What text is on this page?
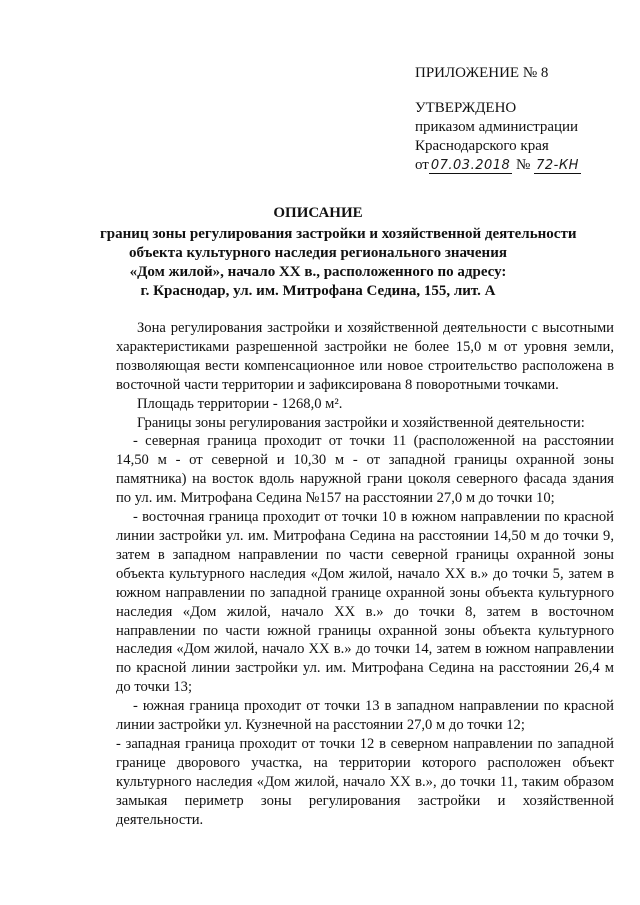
ПРИЛОЖЕНИЕ № 8
УТВЕРЖДЕНО
приказом администрации
Краснодарского края
от 07.03.2018 № 72-КН
ОПИСАНИЕ
границ зоны регулирования застройки и хозяйственной деятельности
объекта культурного наследия регионального значения
«Дом жилой», начало XX в., расположенного по адресу:
г. Краснодар, ул. им. Митрофана Седина, 155, лит. А

Зона регулирования застройки и хозяйственной деятельности с высотными характеристиками разрешенной застройки не более 15,0 м от уровня земли, позволяющая вести компенсационное или новое строительство расположена в восточной части территории и зафиксирована 8 поворотными точками.

Площадь территории - 1268,0 м².

Границы зоны регулирования застройки и хозяйственной деятельности:

- северная граница проходит от точки 11 (расположенной на расстоянии 14,50 м - от северной и 10,30 м - от западной границы охранной зоны памятника) на восток вдоль наружной грани цоколя северного фасада здания по ул. им. Митрофана Седина №157 на расстоянии 27,0 м до точки 10;

- восточная граница проходит от точки 10 в южном направлении по красной линии застройки ул. им. Митрофана Седина на расстоянии 14,50 м до точки 9, затем в западном направлении по части северной границы охранной зоны объекта культурного наследия «Дом жилой, начало XX в.» до точки 5, затем в южном направлении по западной границе охранной зоны объекта культурного наследия «Дом жилой, начало XX в.» до точки 8, затем в восточном направлении по части южной границы охранной зоны объекта культурного наследия «Дом жилой, начало XX в.» до точки 14, затем в южном направлении по красной линии застройки ул. им. Митрофана Седина на расстоянии 26,4 м до точки 13;

- южная граница проходит от точки 13 в западном направлении по красной линии застройки ул. Кузнечной на расстоянии 27,0 м до точки 12;

- западная граница проходит от точки 12 в северном направлении по западной границе дворового участка, на территории которого расположен объект культурного наследия «Дом жилой, начало XX в.», до точки 11, таким образом замыкая периметр зоны регулирования застройки и хозяйственной деятельности.
